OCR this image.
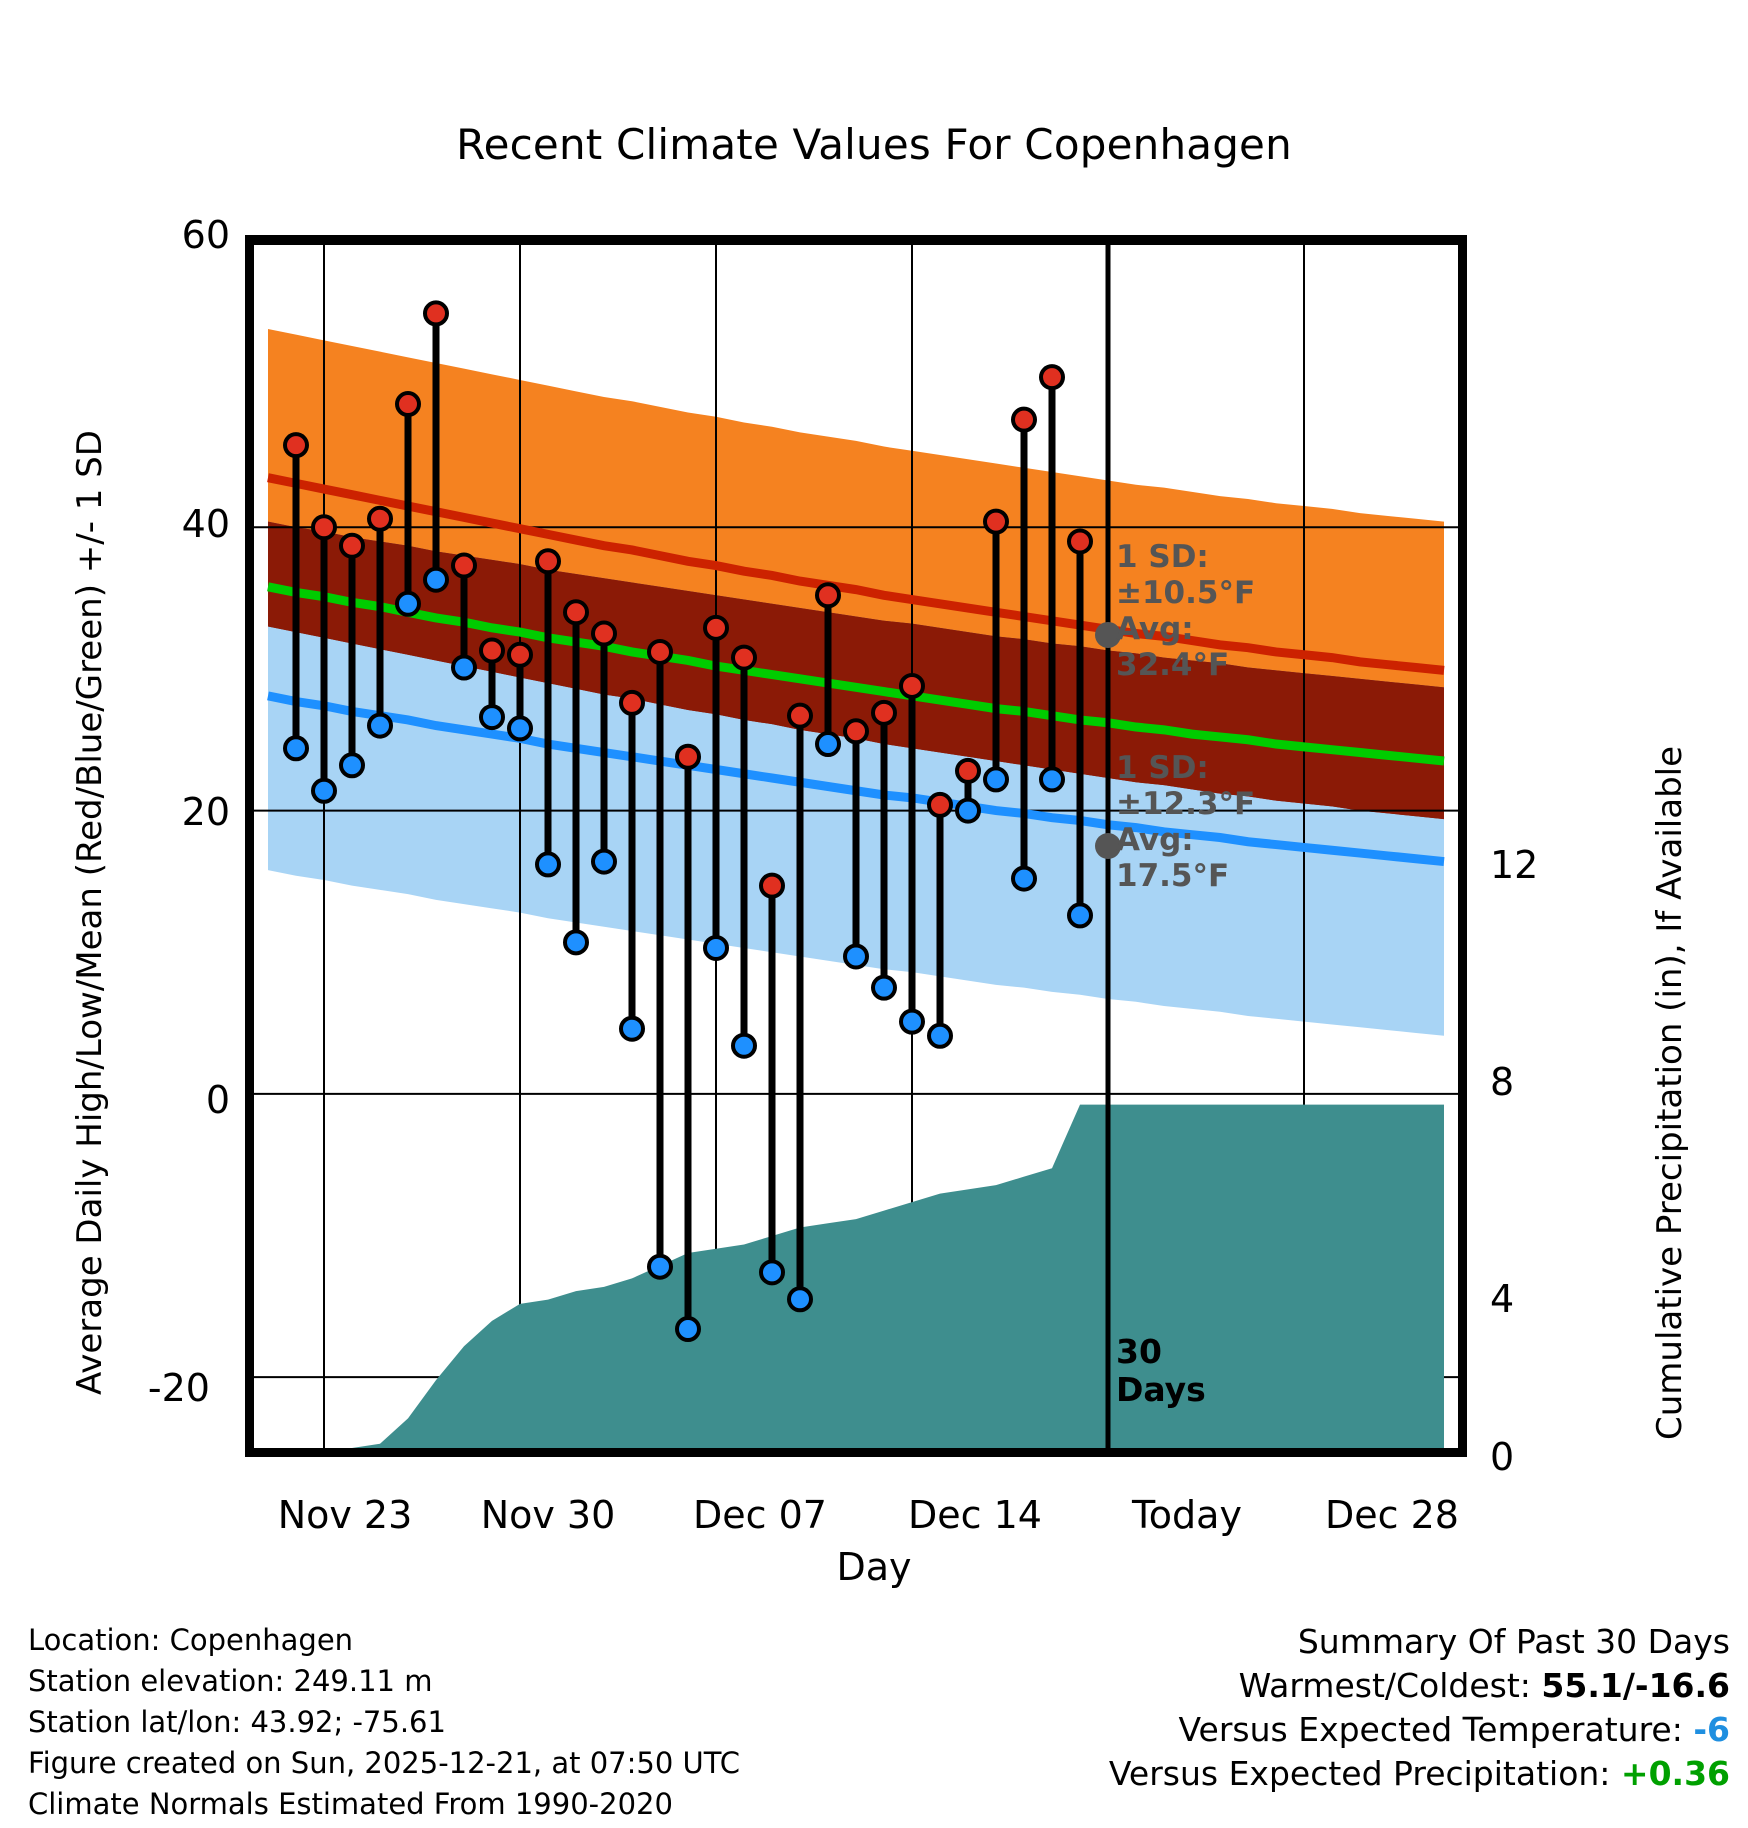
Recent Climate Values For Copenhagen
Average Daily High/Low/Mean (Red/Blue/Green) +/- 1 SD	Cumulative Precipitation (in), If Available
60
40
20
0
-20
12
8
4
0
Nov 23	Nov 30	Dec 07	Dec 14	Today	Dec 28
Day
1 SD:
±10.5°F
Avg:
32.4°F
1 SD:
±12.3°F
Avg:
17.5°F
30
Days
Location: Copenhagen
Station elevation: 249.11 m
Station lat/lon: 43.92; -75.61
Figure created on Sun, 2025-12-21, at 07:50 UTC
Climate Normals Estimated From 1990-2020
Summary Of Past 30 Days
Warmest/Coldest: 55.1/-16.6
Versus Expected Temperature: -6
Versus Expected Precipitation: +0.36
